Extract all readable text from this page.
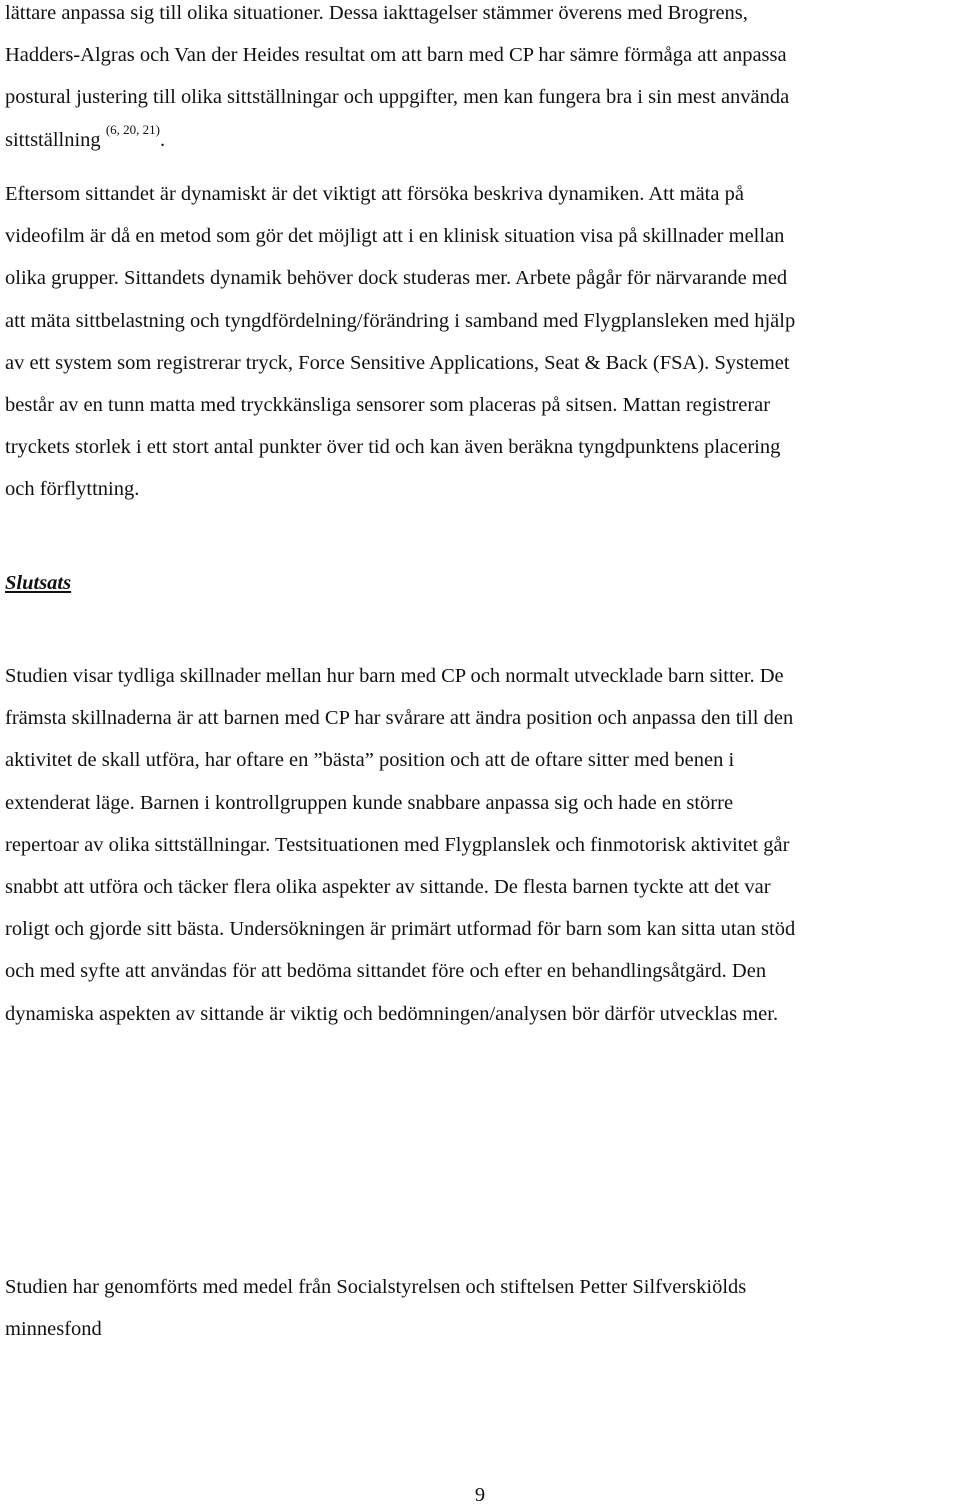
lättare anpassa sig till olika situationer. Dessa iakttagelser stämmer överens med Brogrens,
Hadders-Algras och Van der Heides resultat om att barn med CP har sämre förmåga att anpassa
postural justering till olika sittställningar och uppgifter, men kan fungera bra i sin mest använda
sittställning $^{(6, 20, 21)}$.

Eftersom sittandet är dynamiskt är det viktigt att försöka beskriva dynamiken. Att mäta på
videofilm är då en metod som gör det möjligt att i en klinisk situation visa på skillnader mellan
olika grupper. Sittandets dynamik behöver dock studeras mer. Arbete pågår för närvarande med
att mäta sittbelastning och tyngdfördelning/förändring i samband med Flygplansleken med hjälp
av ett system som registrerar tryck, Force Sensitive Applications, Seat & Back (FSA). Systemet
består av en tunn matta med tryckkänsliga sensorer som placeras på sitsen. Mattan registrerar
tryckets storlek i ett stort antal punkter över tid och kan även beräkna tyngdpunktens placering
och förflyttning.

Slutsats

Studien visar tydliga skillnader mellan hur barn med CP och normalt utvecklade barn sitter. De
främsta skillnaderna är att barnen med CP har svårare att ändra position och anpassa den till den
aktivitet de skall utföra, har oftare en ”bästa” position och att de oftare sitter med benen i
extenderat läge. Barnen i kontrollgruppen kunde snabbare anpassa sig och hade en större
repertoar av olika sittställningar. Testsituationen med Flygplanslek och finmotorisk aktivitet går
snabbt att utföra och täcker flera olika aspekter av sittande. De flesta barnen tyckte att det var
roligt och gjorde sitt bästa. Undersökningen är primärt utformad för barn som kan sitta utan stöd
och med syfte att användas för att bedöma sittandet före och efter en behandlingsåtgärd. Den
dynamiska aspekten av sittande är viktig och bedömningen/analysen bör därför utvecklas mer.

Studien har genomförts med medel från Socialstyrelsen och stiftelsen Petter Silfverskiölds
minnesfond

9
